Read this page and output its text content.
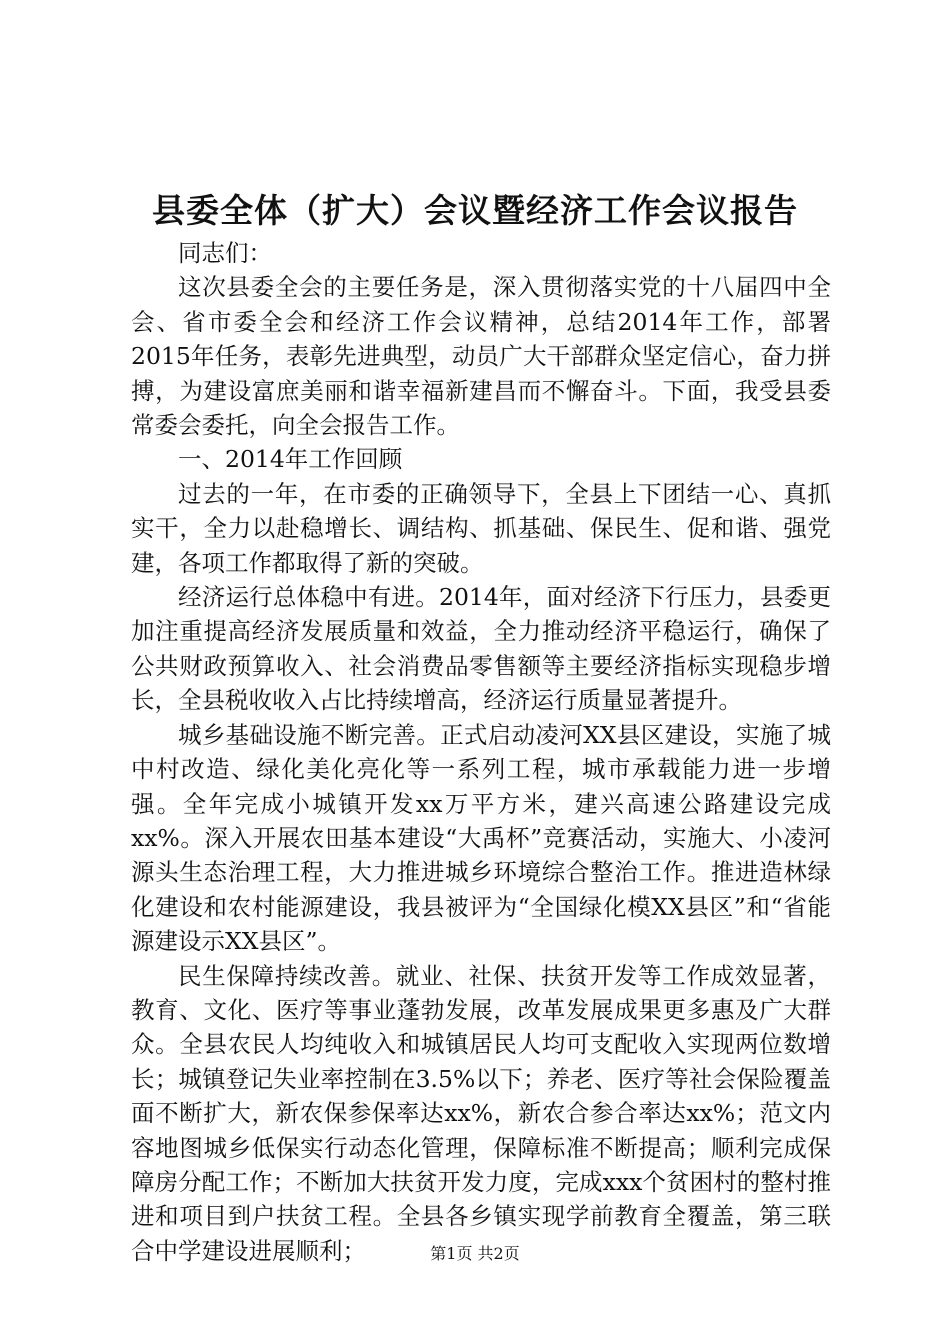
县委全体（扩大）会议暨经济工作会议报告

同志们：

这次县委全会的主要任务是，深入贯彻落实党的十八届四中全会、省市委全会和经济工作会议精神，总结2014年工作，部署2015年任务，表彰先进典型，动员广大干部群众坚定信心，奋力拼搏，为建设富庶美丽和谐幸福新建昌而不懈奋斗。下面，我受县委常委会委托，向全会报告工作。

一、2014年工作回顾

过去的一年，在市委的正确领导下，全县上下团结一心、真抓实干，全力以赴稳增长、调结构、抓基础、保民生、促和谐、强党建，各项工作都取得了新的突破。

经济运行总体稳中有进。2014年，面对经济下行压力，县委更加注重提高经济发展质量和效益，全力推动经济平稳运行，确保了公共财政预算收入、社会消费品零售额等主要经济指标实现稳步增长，全县税收收入占比持续增高，经济运行质量显著提升。

城乡基础设施不断完善。正式启动凌河XX县区建设，实施了城中村改造、绿化美化亮化等一系列工程，城市承载能力进一步增强。全年完成小城镇开发xx万平方米，建兴高速公路建设完成xx%。深入开展农田基本建设“大禹杯”竞赛活动，实施大、小凌河源头生态治理工程，大力推进城乡环境综合整治工作。推进造林绿化建设和农村能源建设，我县被评为“全国绿化模XX县区”和“省能源建设示XX县区”。

民生保障持续改善。就业、社保、扶贫开发等工作成效显著，教育、文化、医疗等事业蓬勃发展，改革发展成果更多惠及广大群众。全县农民人均纯收入和城镇居民人均可支配收入实现两位数增长；城镇登记失业率控制在3.5%以下；养老、医疗等社会保险覆盖面不断扩大，新农保参保率达xx%，新农合参合率达xx%；范文内容地图城乡低保实行动态化管理，保障标准不断提高；顺利完成保障房分配工作；不断加大扶贫开发力度，完成xxx个贫困村的整村推进和项目到户扶贫工程。全县各乡镇实现学前教育全覆盖，第三联合中学建设进展顺利；	第1页 共2页
